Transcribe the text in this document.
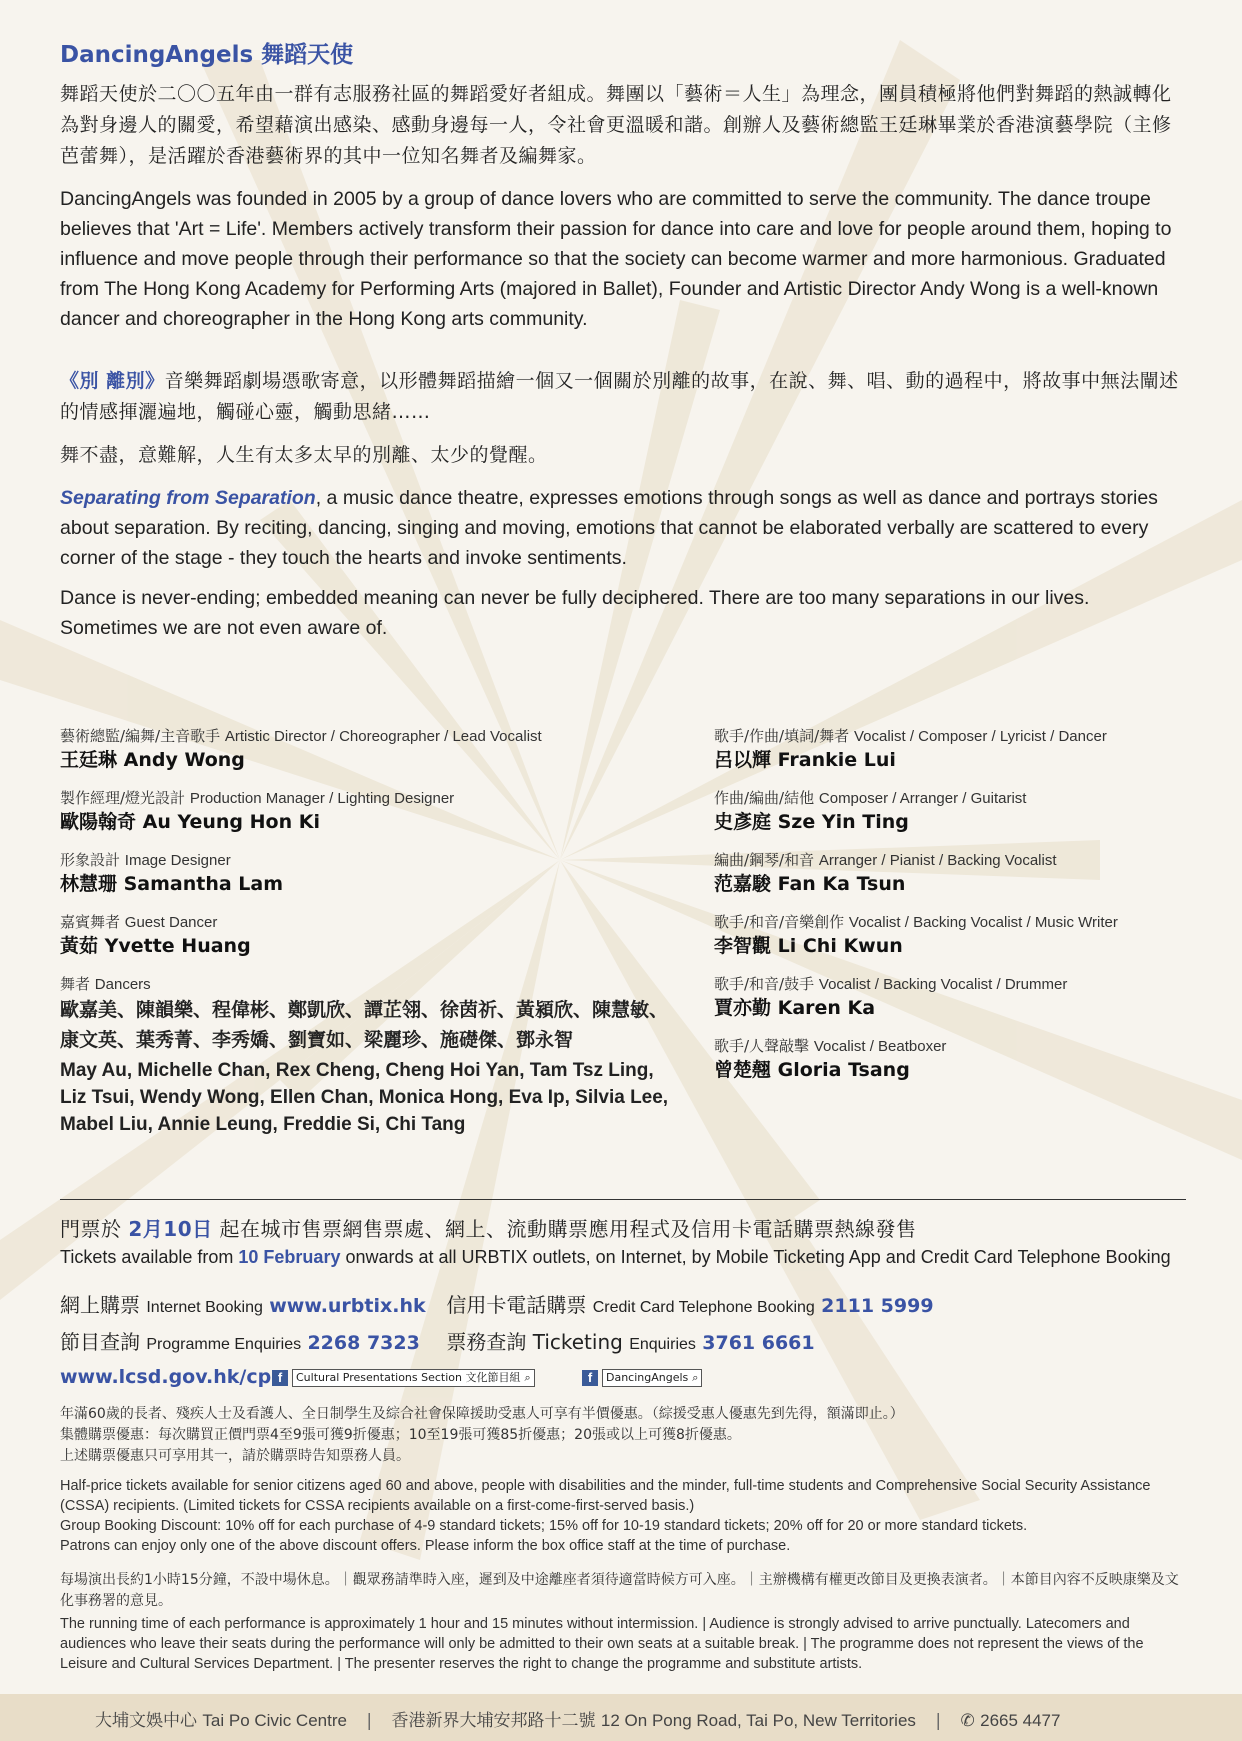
DancingAngels 舞蹈天使

舞蹈天使於二〇〇五年由一群有志服務社區的舞蹈愛好者組成。舞團以「藝術＝人生」為理念，團員積極將他們對舞蹈的熱誠轉化為對身邊人的關愛，希望藉演出感染、感動身邊每一人，令社會更溫暖和諧。創辦人及藝術總監王廷琳畢業於香港演藝學院（主修芭蕾舞），是活躍於香港藝術界的其中一位知名舞者及編舞家。

DancingAngels was founded in 2005 by a group of dance lovers who are committed to serve the community. The dance troupe believes that 'Art = Life'. Members actively transform their passion for dance into care and love for people around them, hoping to influence and move people through their performance so that the society can become warmer and more harmonious. Graduated from The Hong Kong Academy for Performing Arts (majored in Ballet), Founder and Artistic Director Andy Wong is a well-known dancer and choreographer in the Hong Kong arts community.

《別 離別》音樂舞蹈劇場憑歌寄意，以形體舞蹈描繪一個又一個關於別離的故事，在說、舞、唱、動的過程中，將故事中無法闡述的情感揮灑遍地，觸碰心靈，觸動思緒……

舞不盡，意難解，人生有太多太早的別離、太少的覺醒。

Separating from Separation, a music dance theatre, expresses emotions through songs as well as dance and portrays stories about separation. By reciting, dancing, singing and moving, emotions that cannot be elaborated verbally are scattered to every corner of the stage - they touch the hearts and invoke sentiments.

Dance is never-ending; embedded meaning can never be fully deciphered. There are too many separations in our lives. Sometimes we are not even aware of.

藝術總監/編舞/主音歌手 Artistic Director / Choreographer / Lead Vocalist
王廷琳 Andy Wong
製作經理/燈光設計 Production Manager / Lighting Designer
歐陽翰奇 Au Yeung Hon Ki
形象設計 Image Designer
林慧珊 Samantha Lam
嘉賓舞者 Guest Dancer
黃茹 Yvette Huang
舞者 Dancers
歐嘉美、陳韻樂、程偉彬、鄭凱欣、譚芷翎、徐茵祈、黃潁欣、陳慧敏、康文英、葉秀菁、李秀嬌、劉寶如、梁麗珍、施礎傑、鄧永智
May Au, Michelle Chan, Rex Cheng, Cheng Hoi Yan, Tam Tsz Ling, Liz Tsui, Wendy Wong, Ellen Chan, Monica Hong, Eva Ip, Silvia Lee, Mabel Liu, Annie Leung, Freddie Si, Chi Tang
歌手/作曲/填詞/舞者 Vocalist / Composer / Lyricist / Dancer
呂以輝 Frankie Lui
作曲/編曲/結他 Composer / Arranger / Guitarist
史彥庭 Sze Yin Ting
編曲/鋼琴/和音 Arranger / Pianist / Backing Vocalist
范嘉駿 Fan Ka Tsun
歌手/和音/音樂創作 Vocalist / Backing Vocalist / Music Writer
李智觀 Li Chi Kwun
歌手/和音/鼓手 Vocalist / Backing Vocalist / Drummer
賈亦勤 Karen Ka
歌手/人聲敲擊 Vocalist / Beatboxer
曾楚翹 Gloria Tsang
門票於 2月10日 起在城市售票網售票處、網上、流動購票應用程式及信用卡電話購票熱線發售
Tickets available from 10 February onwards at all URBTIX outlets, on Internet, by Mobile Ticketing App and Credit Card Telephone Booking
網上購票 Internet Booking www.urbtix.hk 信用卡電話購票 Credit Card Telephone Booking 2111 5999
節目查詢 Programme Enquiries 2268 7323 票務查詢 Ticketing Enquiries 3761 6661
www.lcsd.gov.hk/cp f	Cultural Presentations Section 文化節目組 ⌕	f	DancingAngels ⌕
年滿60歲的長者、殘疾人士及看護人、全日制學生及綜合社會保障援助受惠人可享有半價優惠。（綜援受惠人優惠先到先得，額滿即止。）
集體購票優惠：每次購買正價門票4至9張可獲9折優惠；10至19張可獲85折優惠；20張或以上可獲8折優惠。
上述購票優惠只可享用其一，請於購票時告知票務人員。
Half-price tickets available for senior citizens aged 60 and above, people with disabilities and the minder, full-time students and Comprehensive Social Security Assistance (CSSA) recipients. (Limited tickets for CSSA recipients available on a first-come-first-served basis.)
Group Booking Discount: 10% off for each purchase of 4-9 standard tickets; 15% off for 10-19 standard tickets; 20% off for 20 or more standard tickets.
Patrons can enjoy only one of the above discount offers. Please inform the box office staff at the time of purchase.
每場演出長約1小時15分鐘，不設中場休息。｜觀眾務請準時入座，遲到及中途離座者須待適當時候方可入座。｜主辦機構有權更改節目及更換表演者。｜本節目內容不反映康樂及文化事務署的意見。
The running time of each performance is approximately 1 hour and 15 minutes without intermission. | Audience is strongly advised to arrive punctually. Latecomers and audiences who leave their seats during the performance will only be admitted to their own seats at a suitable break. | The programme does not represent the views of the Leisure and Cultural Services Department. | The presenter reserves the right to change the programme and substitute artists.
大埔文娛中心 Tai Po Civic Centre | 香港新界大埔安邦路十二號 12 On Pong Road, Tai Po, New Territories | ✆ 2665 4477
